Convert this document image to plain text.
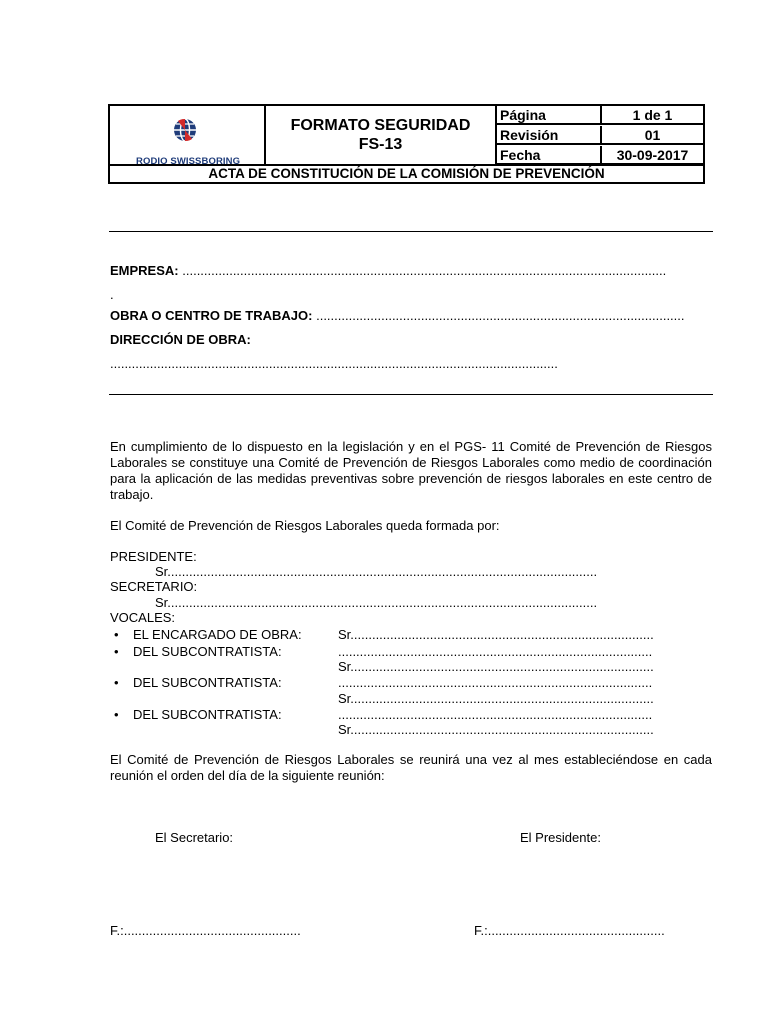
RODIO SWISSBORING
FORMATO SEGURIDAD
FS-13
Página	1 de 1
Revisión	01
Fecha	30-09-2017
ACTA DE CONSTITUCIÓN DE LA COMISIÓN DE PREVENCIÓN
EMPRESA: ......................................................................................................................................
.
OBRA O CENTRO DE TRABAJO: ......................................................................................................
DIRECCIÓN DE OBRA:
............................................................................................................................
En cumplimiento de lo dispuesto en la legislación y en el PGS- 11 Comité de Prevención de Riesgos Laborales se constituye una Comité de Prevención de Riesgos Laborales como medio de coordinación para la aplicación de las medidas preventivas sobre prevención de riesgos laborales en este centro de trabajo.
El Comité de Prevención de Riesgos Laborales queda formada por:
PRESIDENTE:
Sr.......................................................................................................................
SECRETARIO:
Sr.......................................................................................................................
VOCALES:
• EL ENCARGADO DE OBRA:	Sr....................................................................................
• DEL SUBCONTRATISTA:	.......................................................................................
Sr....................................................................................
• DEL SUBCONTRATISTA:	.......................................................................................
Sr....................................................................................
• DEL SUBCONTRATISTA:	.......................................................................................
Sr....................................................................................
El Comité de Prevención de Riesgos Laborales se reunirá una vez al mes estableciéndose en cada reunión el orden del día de la siguiente reunión:
El Secretario:	El Presidente:
F.:.................................................	F.:.................................................
